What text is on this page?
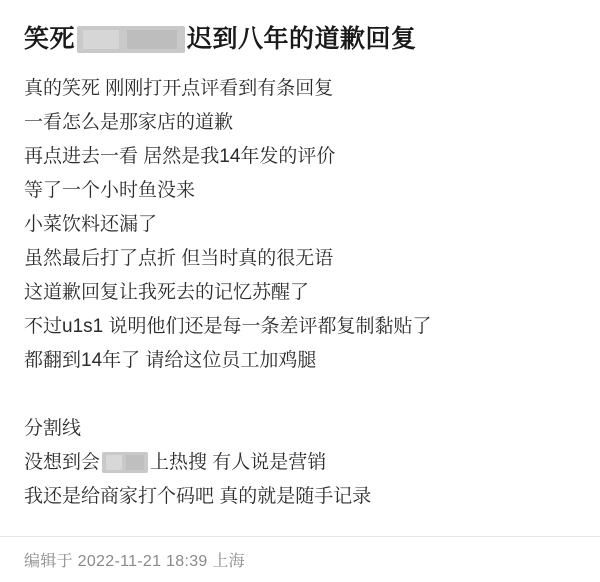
笑死	迟到八年的道歉回复
真的笑死 刚刚打开点评看到有条回复
一看怎么是那家店的道歉
再点进去一看 居然是我14年发的评价
等了一个小时鱼没来
小菜饮料还漏了
虽然最后打了点折 但当时真的很无语
这道歉回复让我死去的记忆苏醒了
不过u1s1 说明他们还是每一条差评都复制黏贴了
都翻到14年了 请给这位员工加鸡腿
分割线
没想到会	上热搜 有人说是营销
我还是给商家打个码吧 真的就是随手记录
编辑于 2022-11-21 18:39 上海
